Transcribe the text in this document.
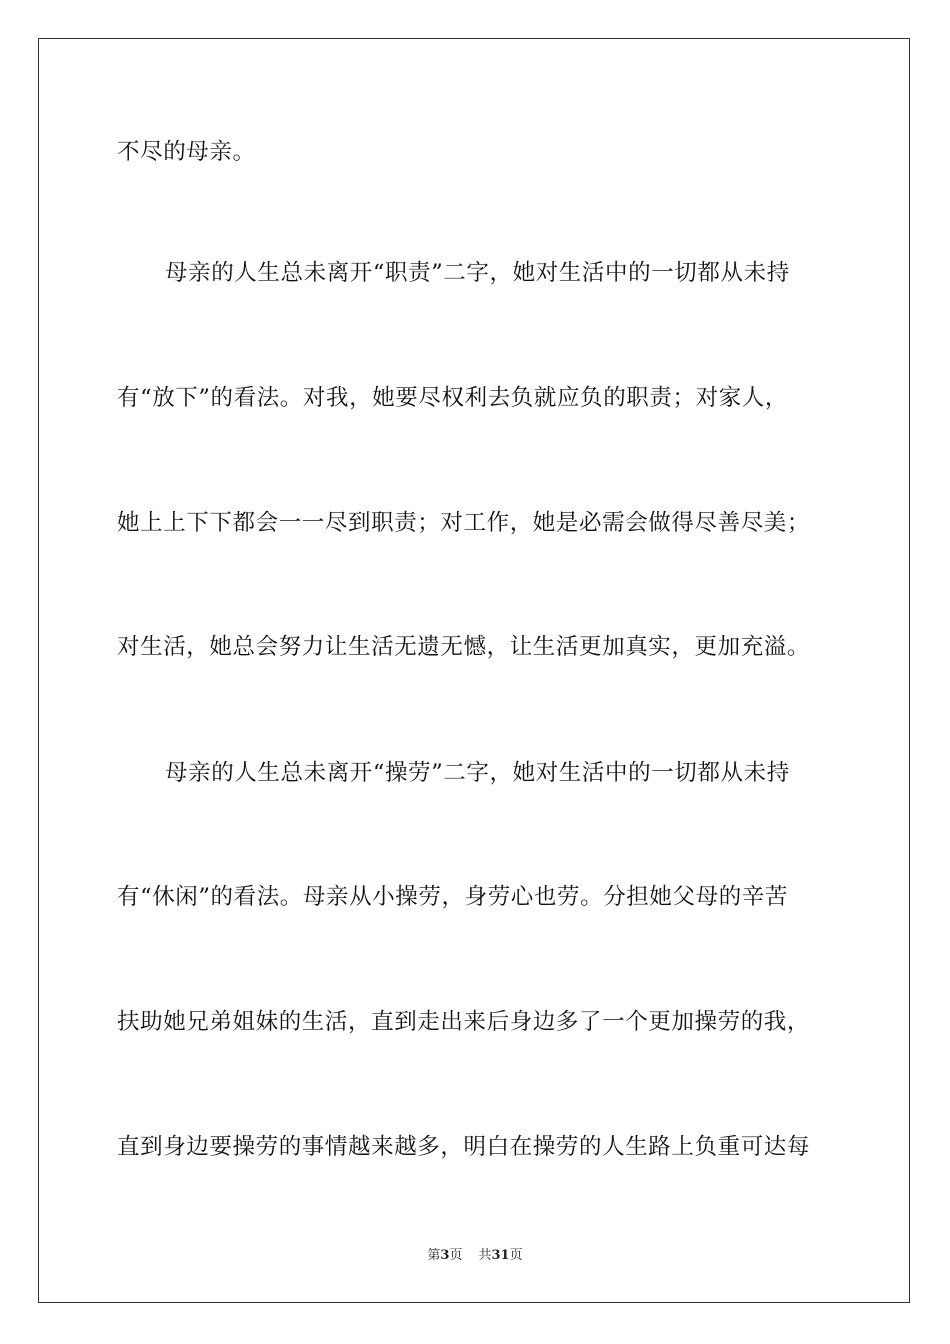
不尽的母亲。
母亲的人生总未离开“职责”二字，她对生活中的一切都从未持
有“放下”的看法。对我，她要尽权利去负就应负的职责；对家人，
她上上下下都会一一尽到职责；对工作，她是必需会做得尽善尽美；
对生活，她总会努力让生活无遗无憾，让生活更加真实，更加充溢。
母亲的人生总未离开“操劳”二字，她对生活中的一切都从未持
有“休闲”的看法。母亲从小操劳，身劳心也劳。分担她父母的辛苦
扶助她兄弟姐妹的生活，直到走出来后身边多了一个更加操劳的我，
直到身边要操劳的事情越来越多，明白在操劳的人生路上负重可达每
第3页 共31页
